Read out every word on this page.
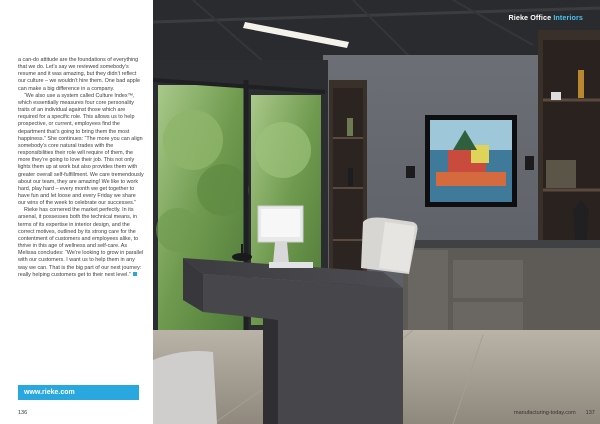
a can-do attitude are the foundations of everything that we do. Let’s say we reviewed somebody’s resume and it was amazing, but they didn’t reflect our culture – we wouldn’t hire them. One bad apple can make a big difference in a company.

“We also use a system called Culture Index™, which essentially measures four core personality traits of an individual against those which are required for a specific role. This allows us to help prospective, or current, employees find the department that’s going to bring them the most happiness.” She continues: “The more you can align somebody’s core natural trades with the responsibilities their role will require of them, the more they’re going to love their job. This not only lights them up at work but also provides them with greater overall self-fulfillment. We care tremendously about our team, they are amazing! We like to work hard, play hard – every month we get together to have fun and let loose and every Friday we share our wins of the week to celebrate our successes.”

Rieke has cornered the market perfectly. In its arsenal, it possesses both the technical means, in terms of its expertise in interior design, and the correct motives, outlined by its strong care for the contentment of customers and employees alike, to thrive in this age of wellness and self-care. As Melissa concludes: “We’re looking to grow in parallel with our customers. I want us to help them in any way we can. That is the big part of our next journey: really helping customers get to their next level.”

www.rieke.com
136
Rieke Office Interiors
manufacturing-today.com 137
